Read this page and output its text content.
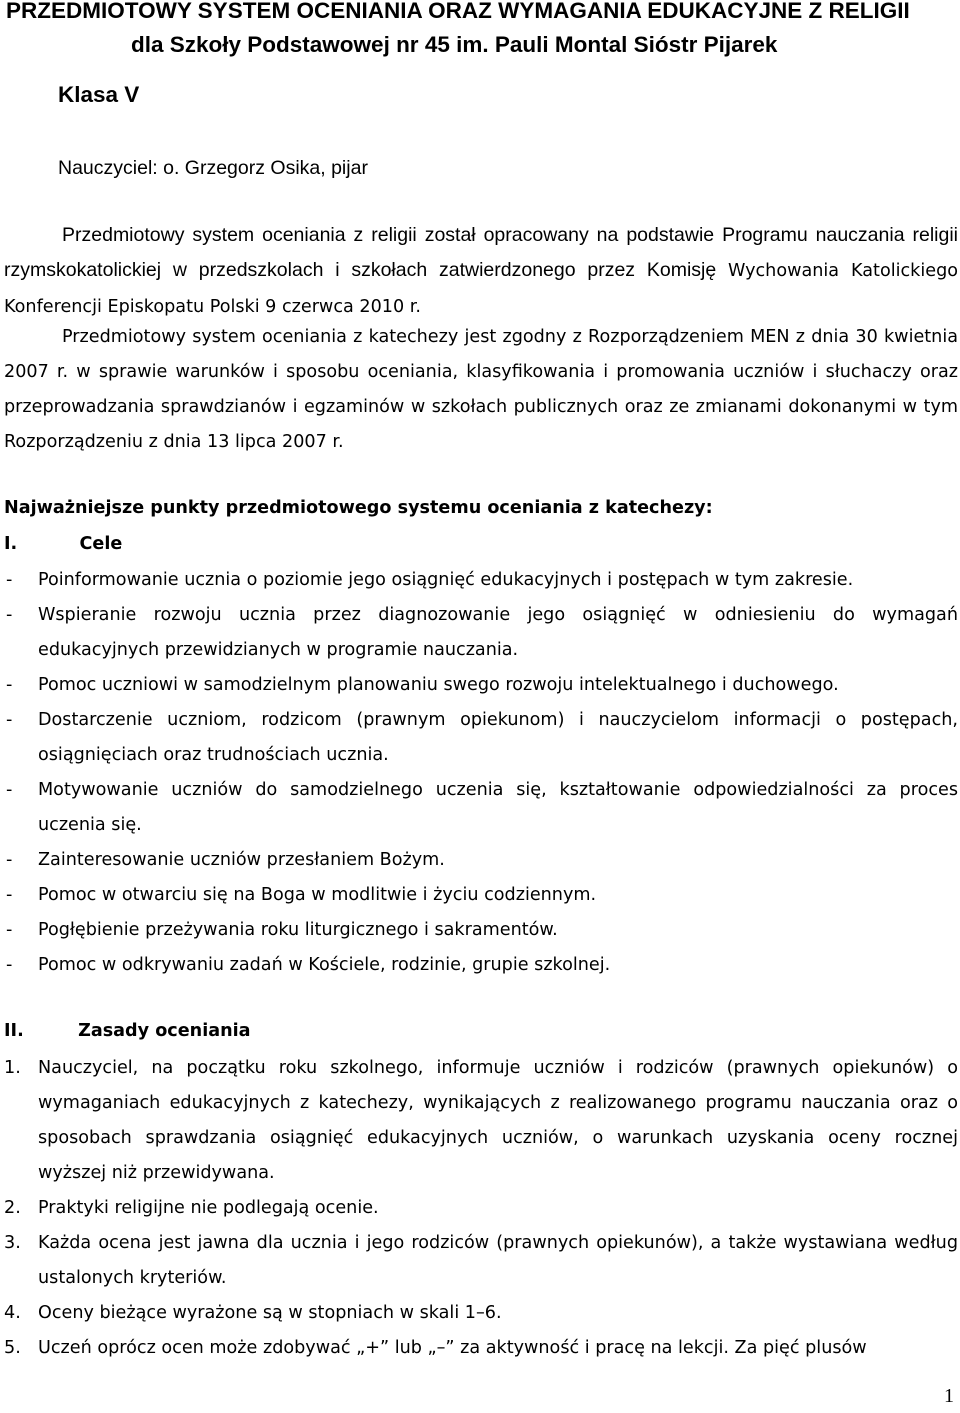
PRZEDMIOTOWY SYSTEM OCENIANIA ORAZ WYMAGANIA EDUKACYJNE Z RELIGII
dla Szkoły Podstawowej nr 45 im. Pauli Montal Sióstr Pijarek
Klasa V
Nauczyciel: o. Grzegorz Osika, pijar

Przedmiotowy system oceniania z religii został opracowany na podstawie Programu nauczania religii rzymskokatolickiej w przedszkolach i szkołach zatwierdzonego przez Komisję Wychowania Katolickiego Konferencji Episkopatu Polski 9 czerwca 2010 r.

Przedmiotowy system oceniania z katechezy jest zgodny z Rozporządzeniem MEN z dnia 30 kwietnia 2007 r. w sprawie warunków i sposobu oceniania, klasyfikowania i promowania uczniów i słuchaczy oraz przeprowadzania sprawdzianów i egzaminów w szkołach publicznych oraz ze zmianami dokonanymi w tym Rozporządzeniu z dnia 13 lipca 2007 r.

Najważniejsze punkty przedmiotowego systemu oceniania z katechezy:
I.	Cele
-	Poinformowanie ucznia o poziomie jego osiągnięć edukacyjnych i postępach w tym zakresie.
-	Wspieranie rozwoju ucznia przez diagnozowanie jego osiągnięć w odniesieniu do wymagań edukacyjnych przewidzianych w programie nauczania.
-	Pomoc uczniowi w samodzielnym planowaniu swego rozwoju intelektualnego i duchowego.
-	Dostarczenie uczniom, rodzicom (prawnym opiekunom) i nauczycielom informacji o postępach, osiągnięciach oraz trudnościach ucznia.
-	Motywowanie uczniów do samodzielnego uczenia się, kształtowanie odpowiedzialności za proces uczenia się.
-	Zainteresowanie uczniów przesłaniem Bożym.
-	Pomoc w otwarciu się na Boga w modlitwie i życiu codziennym.
-	Pogłębienie przeżywania roku liturgicznego i sakramentów.
-	Pomoc w odkrywaniu zadań w Kościele, rodzinie, grupie szkolnej.
II.	Zasady oceniania
1. Nauczyciel, na początku roku szkolnego, informuje uczniów i rodziców (prawnych opiekunów) o wymaganiach edukacyjnych z katechezy, wynikających z realizowanego programu nauczania oraz o sposobach sprawdzania osiągnięć edukacyjnych uczniów, o warunkach uzyskania oceny rocznej wyższej niż przewidywana.
2. Praktyki religijne nie podlegają ocenie.
3. Każda ocena jest jawna dla ucznia i jego rodziców (prawnych opiekunów), a także wystawiana według ustalonych kryteriów.
4. Oceny bieżące wyrażone są w stopniach w skali 1–6.
5. Uczeń oprócz ocen może zdobywać „+” lub „–” za aktywność i pracę na lekcji. Za pięć plusów
1
